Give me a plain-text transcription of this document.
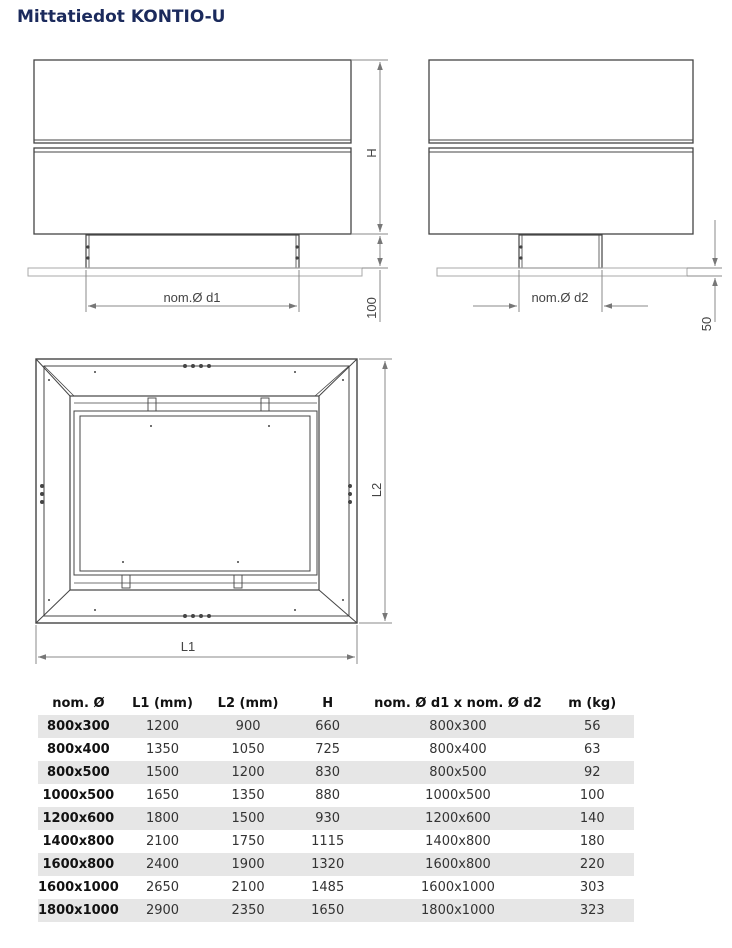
Mittatiedot KONTIO-U
H
100
nom.Ø d1
50
nom.Ø d2
L2
L1
nom. Ø	L1 (mm)	L2 (mm)	H	nom. Ø d1 x nom. Ø d2	m (kg)
800x300	1200	900	660	800x300	56
800x400	1350	1050	725	800x400	63
800x500	1500	1200	830	800x500	92
1000x500	1650	1350	880	1000x500	100
1200x600	1800	1500	930	1200x600	140
1400x800	2100	1750	1115	1400x800	180
1600x800	2400	1900	1320	1600x800	220
1600x1000	2650	2100	1485	1600x1000	303
1800x1000	2900	2350	1650	1800x1000	323
